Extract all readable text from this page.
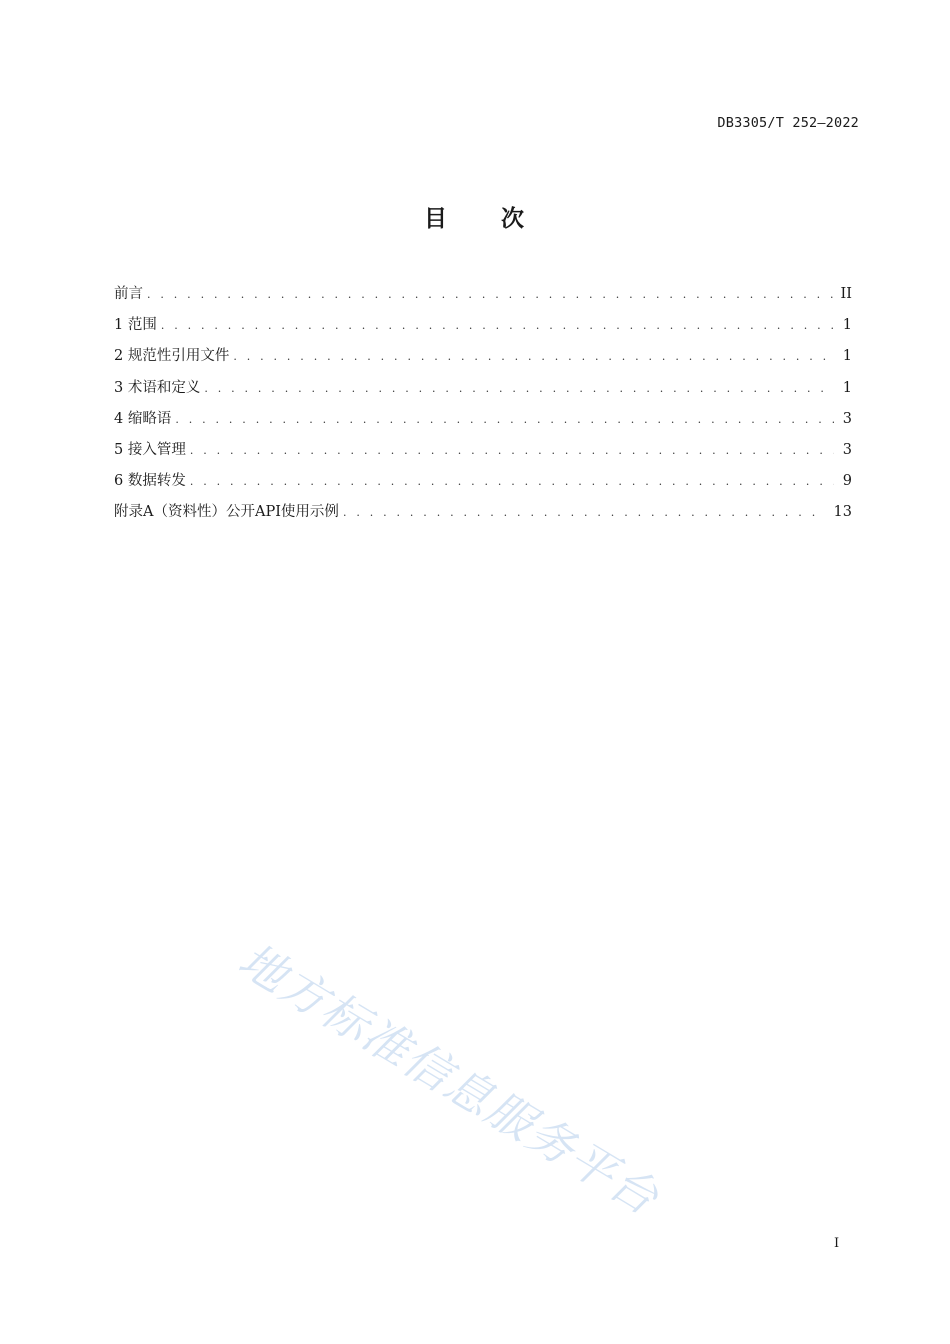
DB3305/T 252—2022
目 次
前言 . . .	II
1 范围 . . .	1
2 规范性引用文件 . . .	1
3 术语和定义 . . .	1
4 缩略语 . . .	3
5 接入管理 . . .	3
6 数据转发 . . .	9
附录A（资料性）公开API使用示例 . . .	13
地方标准信息服务平台
I
